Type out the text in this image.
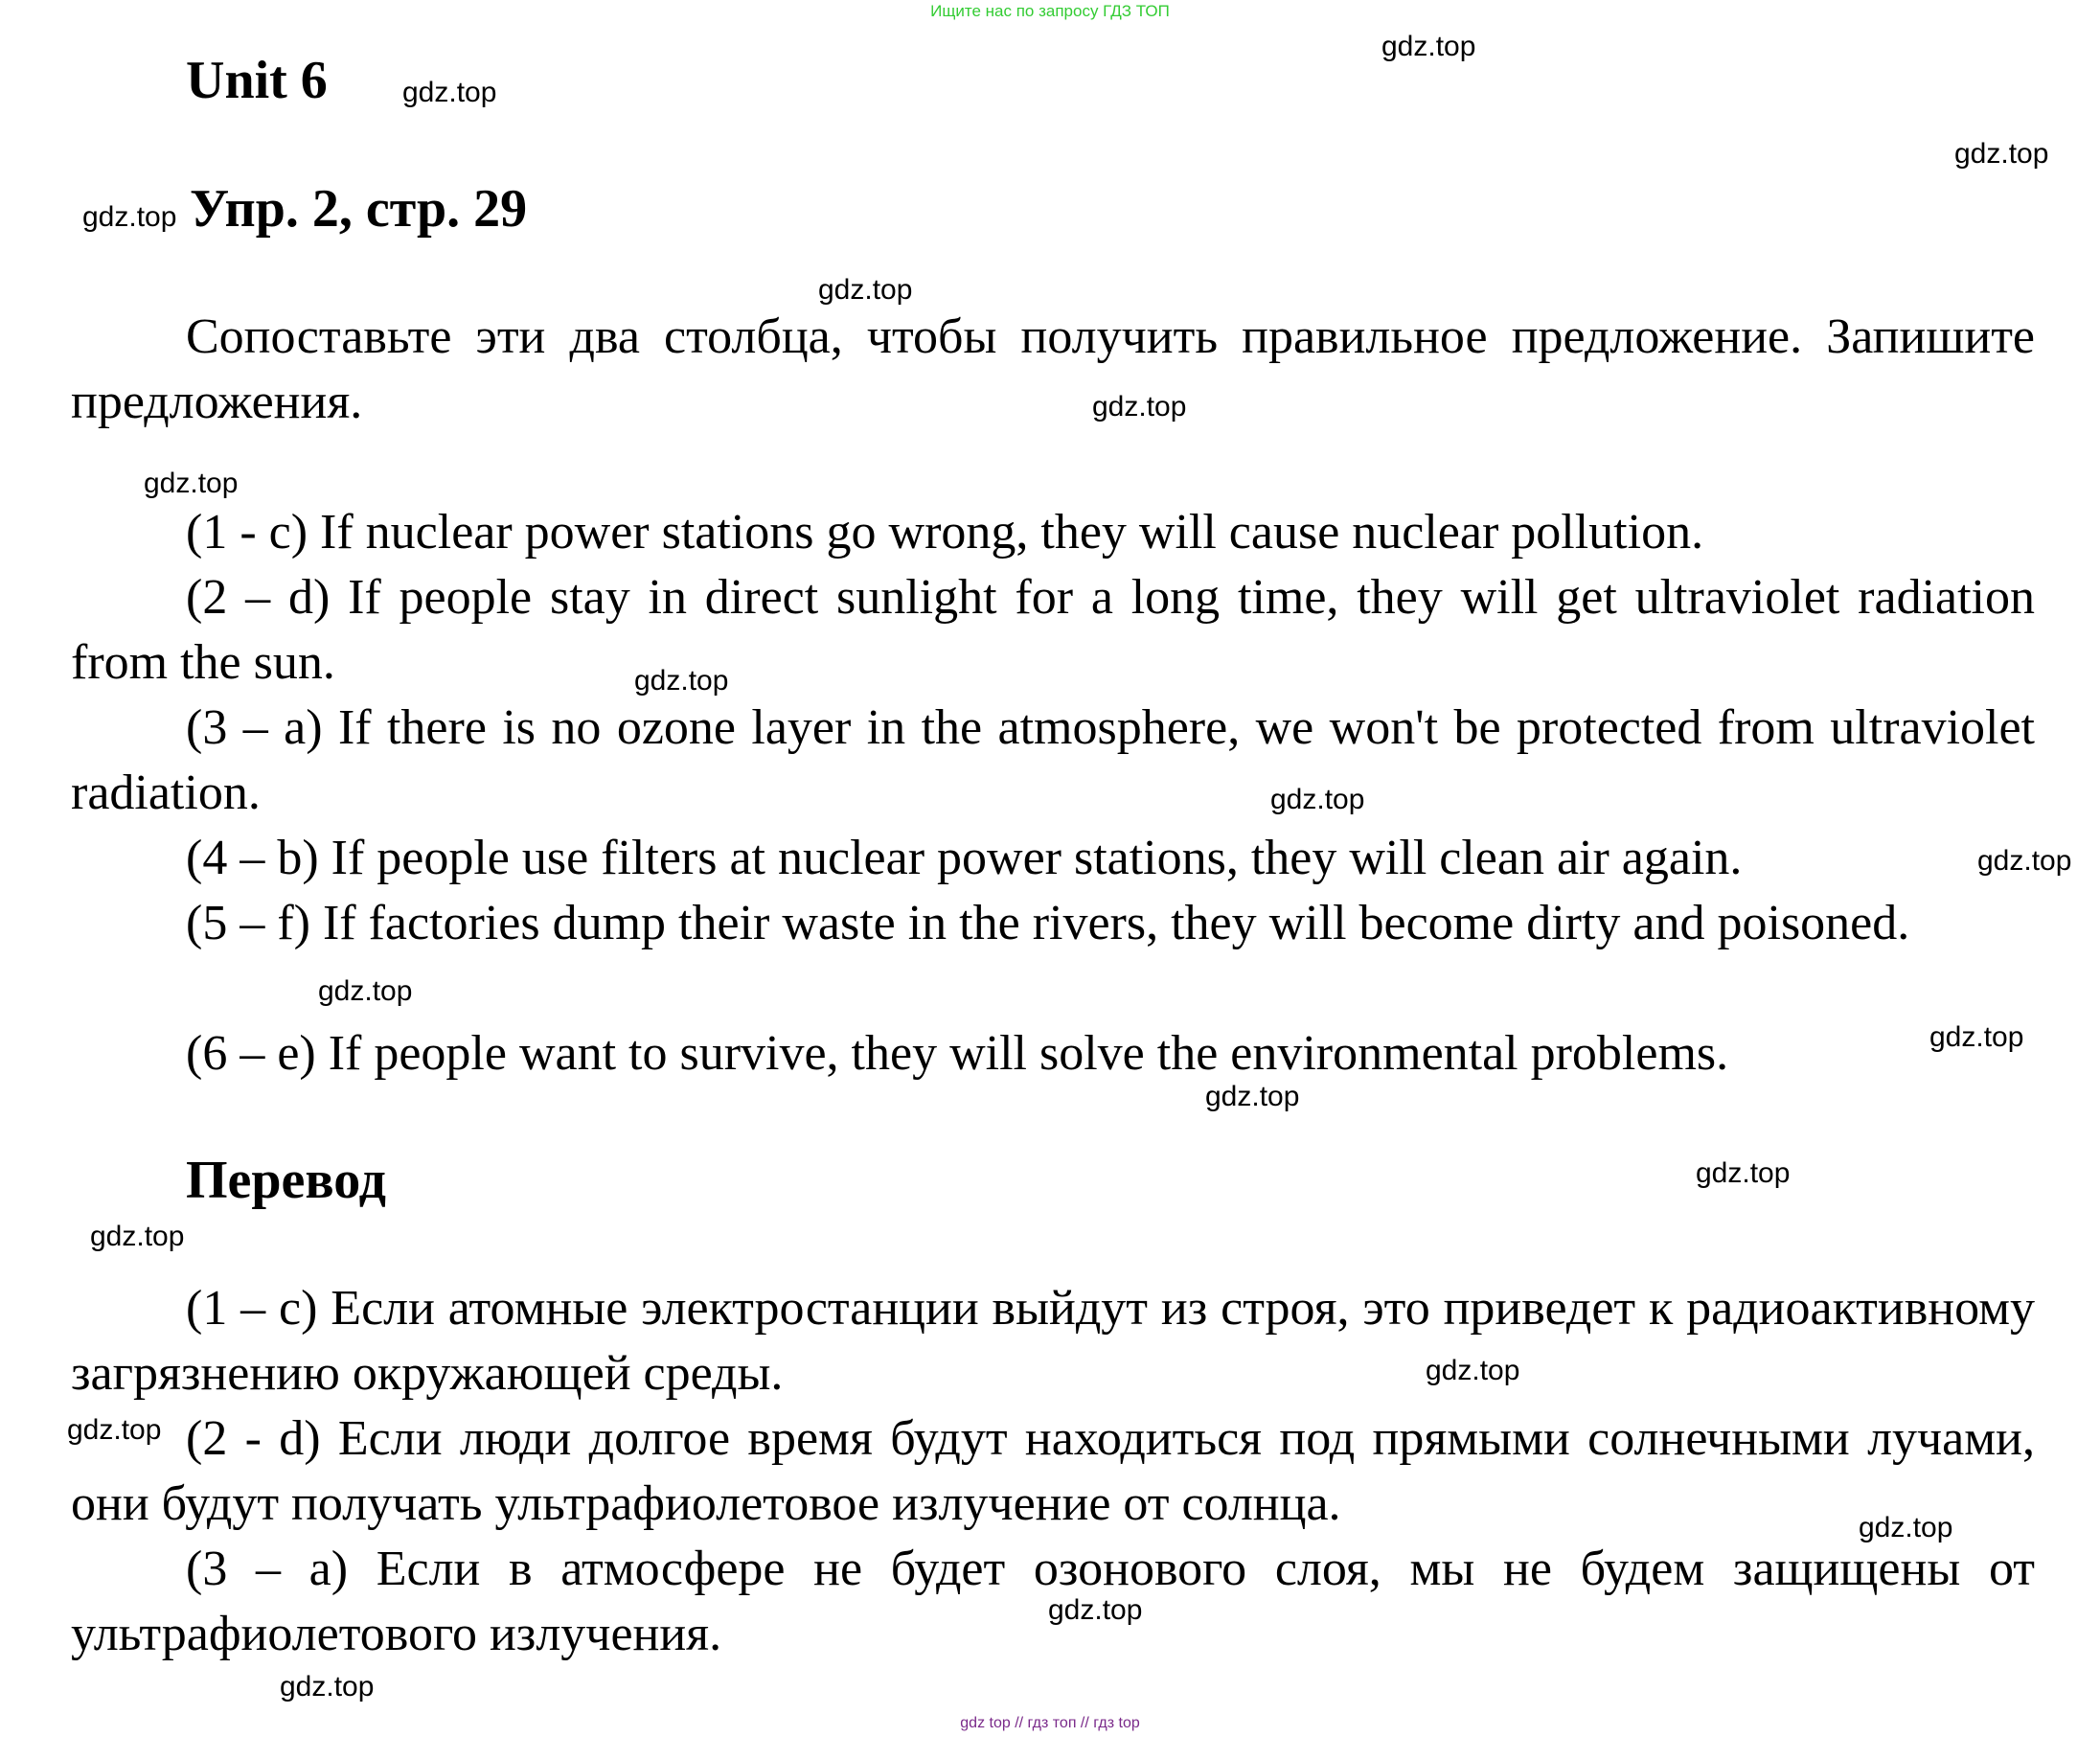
Ищите нас по запросу ГДЗ ТОП
Unit 6
Упр. 2, стр. 29

Сопоставьте эти два столбца, чтобы получить правильное предложение. Запишите предложения.

(1 - c) If nuclear power stations go wrong, they will cause nuclear pollution.

(2 – d) If people stay in direct sunlight for a long time, they will get ultraviolet radiation from the sun.

(3 – a) If there is no ozone layer in the atmosphere, we won't be protected from ultraviolet radiation.

(4 – b) If people use filters at nuclear power stations, they will clean air again.

(5 – f) If factories dump their waste in the rivers, they will become dirty and poisoned.

(6 – e) If people want to survive, they will solve the environmental problems.

Перевод

(1 – c) Если атомные электростанции выйдут из строя, это приведет к радиоактивному загрязнению окружающей среды.

(2 - d) Если люди долгое время будут находиться под прямыми солнечными лучами, они будут получать ультрафиолетовое излучение от солнца.

(3 – a) Если в атмосфере не будет озонового слоя, мы не будем защищены от ультрафиолетового излучения.

gdz.top
gdz.top
gdz.top
gdz.top
gdz.top
gdz.top
gdz.top
gdz.top
gdz.top
gdz.top
gdz.top
gdz.top
gdz.top
gdz.top
gdz.top
gdz.top
gdz.top
gdz.top
gdz.top
gdz.top
gdz top // гдз топ // гдз top
